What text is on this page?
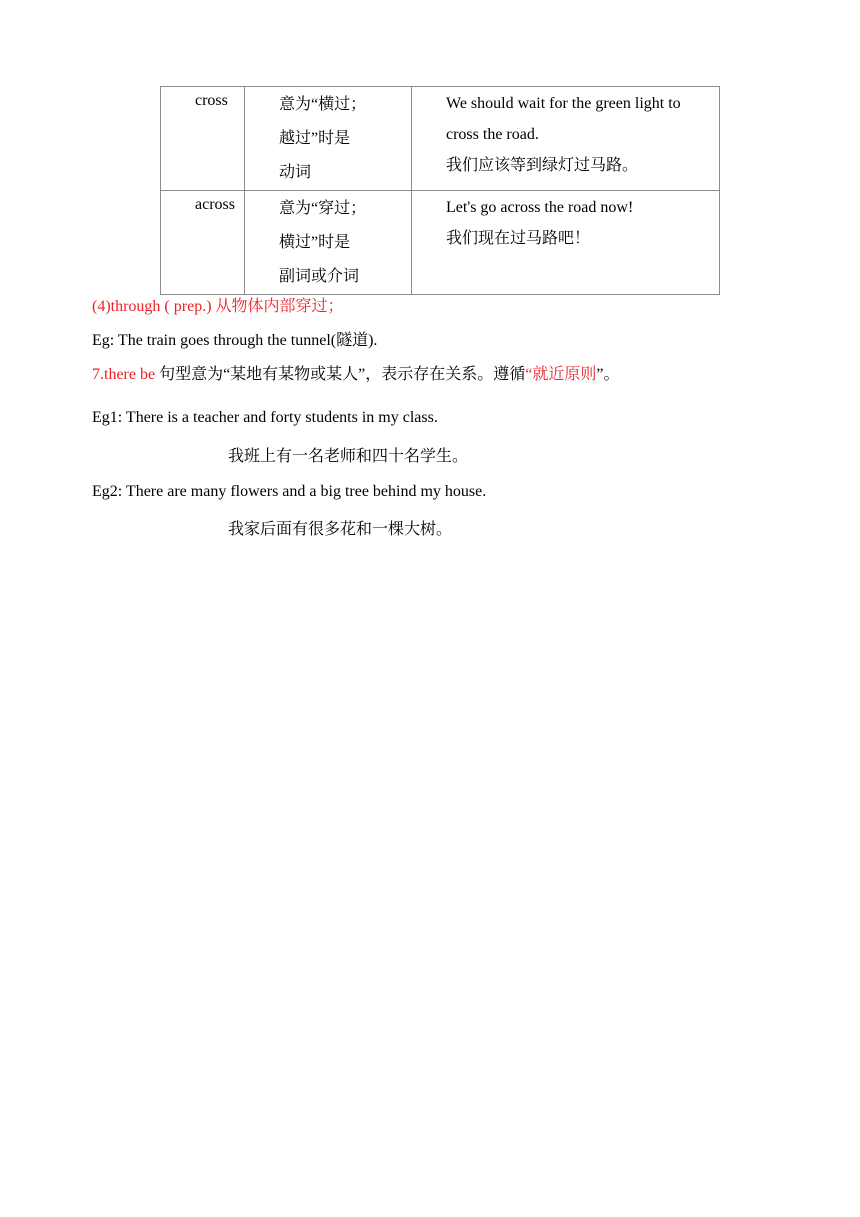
cross	意为“横过；
越过”时是
动词	We should wait for the green light to
cross the road.
我们应该等到绿灯过马路。

across	意为“穿过；
横过”时是
副词或介词	Let's go across the road now!
我们现在过马路吧！
(4)through ( prep.) 从物体内部穿过；
Eg: The train goes through the tunnel(隧道).
7.there be 句型意为“某地有某物或某人”，表示存在关系。遵循“就近原则”。
Eg1: There is a teacher and forty students in my class.
我班上有一名老师和四十名学生。
Eg2: There are many flowers and a big tree behind my house.
我家后面有很多花和一棵大树。
